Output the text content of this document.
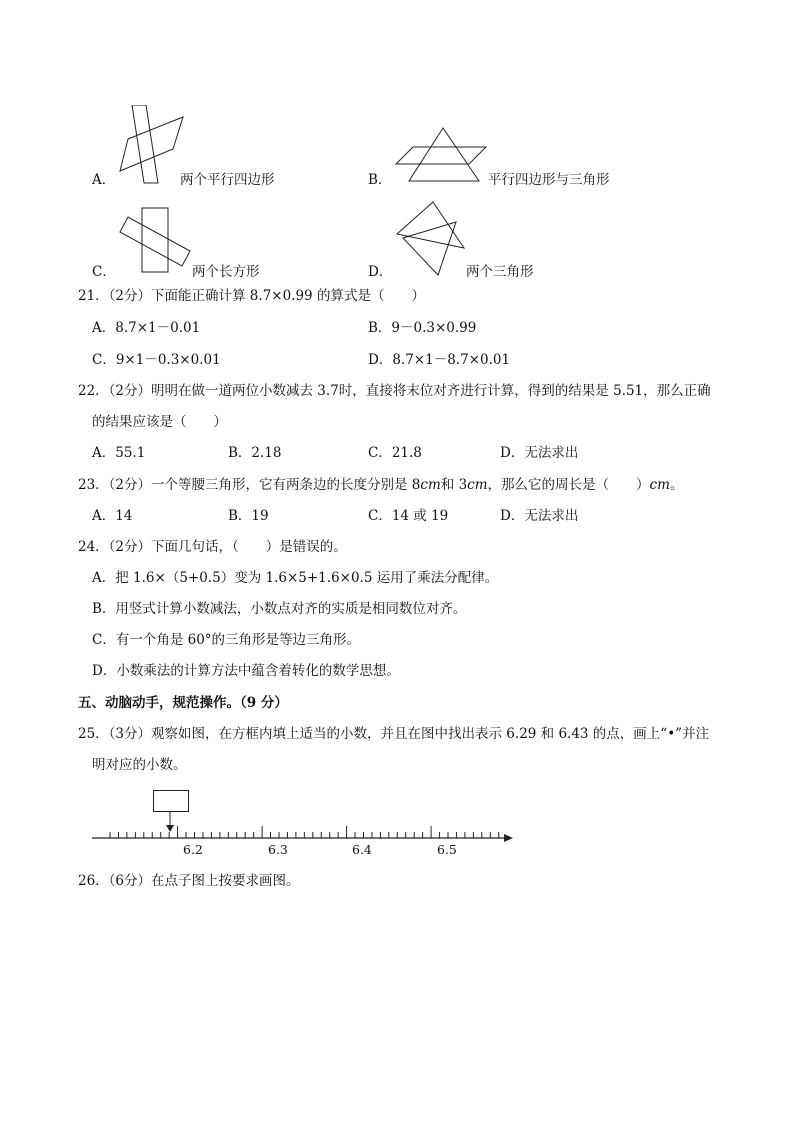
A．	两个平行四边形	B．	平行四边形与三角形
C．	两个长方形	D．	两个三角形
21．（2分）下面能正确计算 8.7×0.99 的算式是（　　）
A．8.7×1－0.01	B．9－0.3×0.99
C．9×1－0.3×0.01	D．8.7×1－8.7×0.01
22．（2分）明明在做一道两位小数减去 3.7时，直接将末位对齐进行计算，得到的结果是 5.51，那么正确
的结果应该是（　　）
A．55.1	B．2.18	C．21.8	D．无法求出
23．（2分）一个等腰三角形，它有两条边的长度分别是 8cm和 3cm，那么它的周长是（　　）cm。
A．14	B．19	C．14 或 19	D．无法求出
24．（2分）下面几句话，（　　）是错误的。
A．把 1.6×（5+0.5）变为 1.6×5+1.6×0.5 运用了乘法分配律。
B．用竖式计算小数减法，小数点对齐的实质是相同数位对齐。
C．有一个角是 60°的三角形是等边三角形。
D．小数乘法的计算方法中蕴含着转化的数学思想。
五、动脑动手，规范操作。（9 分）
25．（3分）观察如图，在方框内填上适当的小数，并且在图中找出表示 6.29 和 6.43 的点，画上“•”并注
明对应的小数。
6.2	6.3	6.4	6.5
26．（6分）在点子图上按要求画图。
